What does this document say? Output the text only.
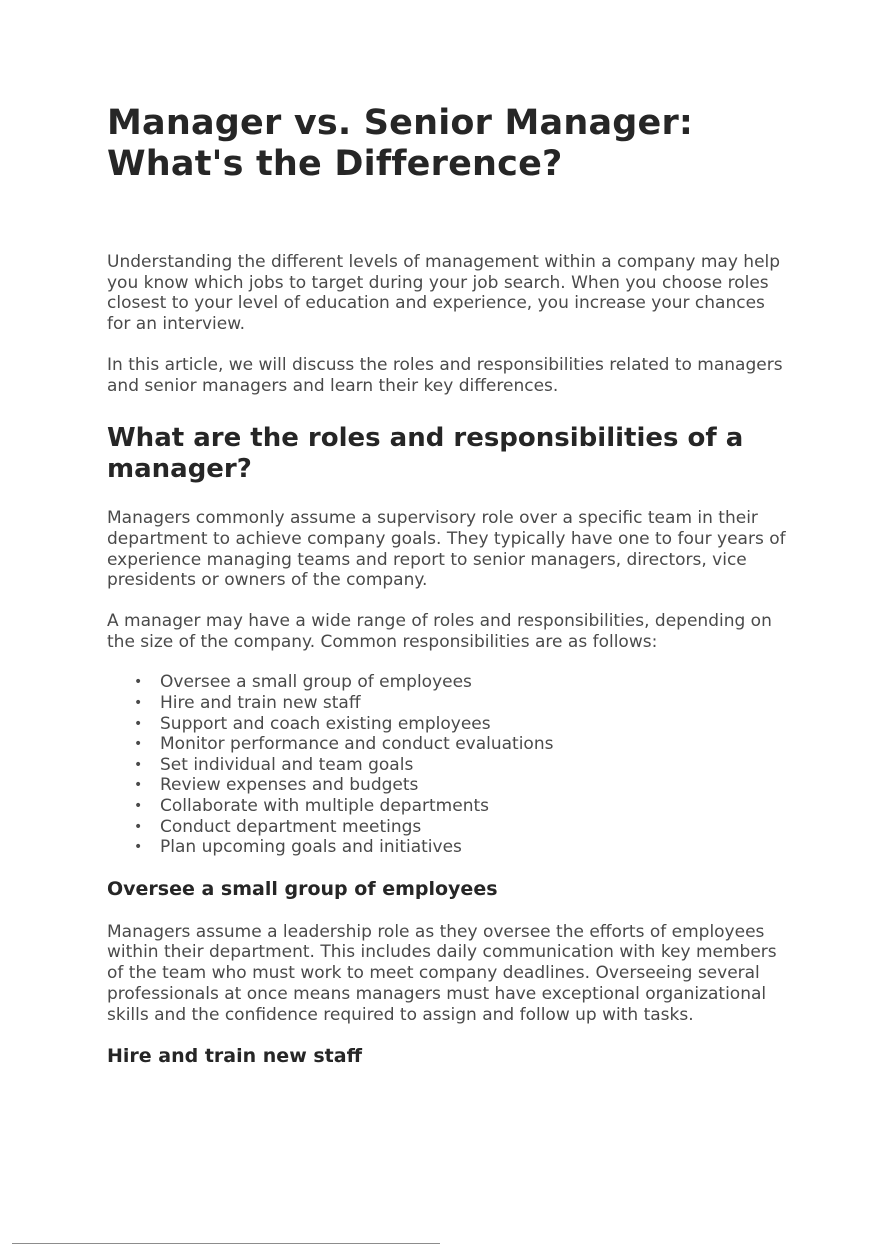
Manager vs. Senior Manager: What's the Difference?

Understanding the different levels of management within a company may help you know which jobs to target during your job search. When you choose roles closest to your level of education and experience, you increase your chances for an interview.

In this article, we will discuss the roles and responsibilities related to managers and senior managers and learn their key differences.

What are the roles and responsibilities of a manager?

Managers commonly assume a supervisory role over a specific team in their department to achieve company goals. They typically have one to four years of experience managing teams and report to senior managers, directors, vice presidents or owners of the company.

A manager may have a wide range of roles and responsibilities, depending on the size of the company. Common responsibilities are as follows:

• Oversee a small group of employees
• Hire and train new staff
• Support and coach existing employees
• Monitor performance and conduct evaluations
• Set individual and team goals
• Review expenses and budgets
• Collaborate with multiple departments
• Conduct department meetings
• Plan upcoming goals and initiatives
Oversee a small group of employees

Managers assume a leadership role as they oversee the efforts of employees within their department. This includes daily communication with key members of the team who must work to meet company deadlines. Overseeing several professionals at once means managers must have exceptional organizational skills and the confidence required to assign and follow up with tasks.

Hire and train new staff
